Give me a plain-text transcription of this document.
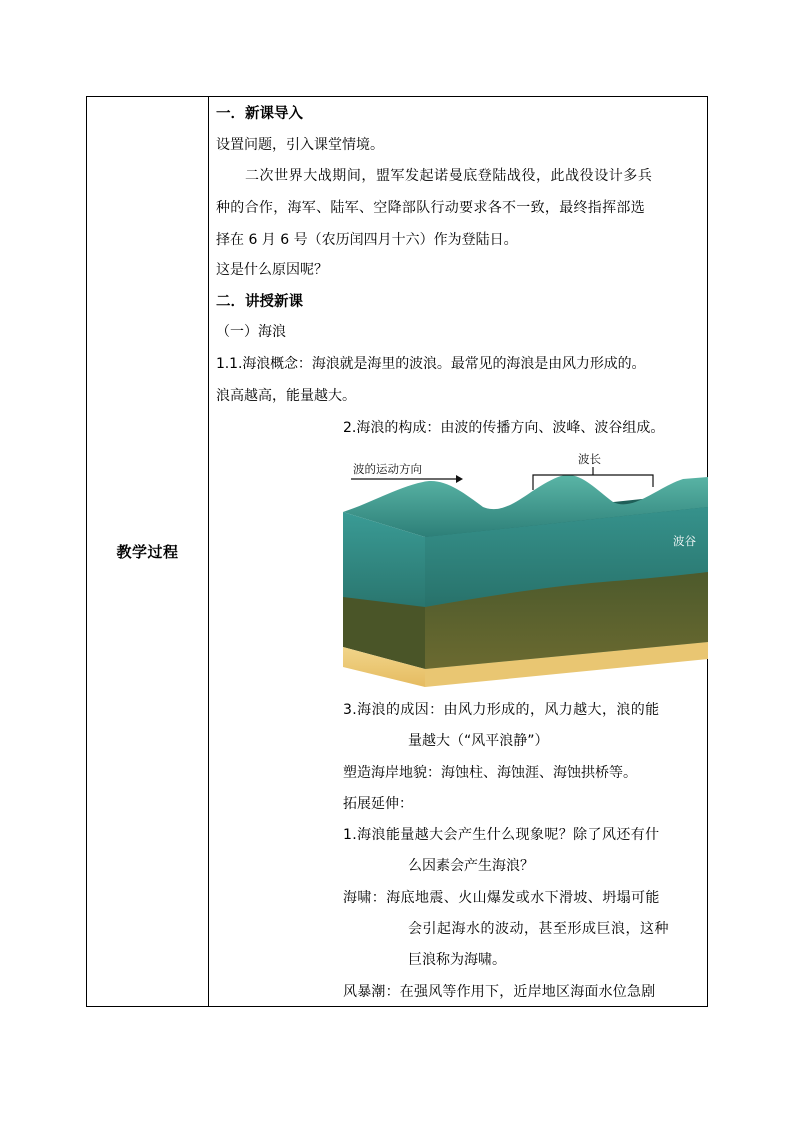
教学过程
一．新课导入
设置问题，引入课堂情境。
二次世界大战期间，盟军发起诺曼底登陆战役，此战役设计多兵
种的合作，海军、陆军、空降部队行动要求各不一致，最终指挥部选
择在 6 月 6 号（农历闰四月十六）作为登陆日。
这是什么原因呢？
二．讲授新课
（一）海浪
1.1.海浪概念：海浪就是海里的波浪。最常见的海浪是由风力形成的。
浪高越高，能量越大。
2.海浪的构成：由波的传播方向、波峰、波谷组成。
波长
波的运动方向
波谷
3.海浪的成因：由风力形成的，风力越大，浪的能
量越大（“风平浪静”）
塑造海岸地貌：海蚀柱、海蚀涯、海蚀拱桥等。
拓展延伸：
1.海浪能量越大会产生什么现象呢？除了风还有什
么因素会产生海浪？
海啸：海底地震、火山爆发或水下滑坡、坍塌可能
会引起海水的波动，甚至形成巨浪，这种
巨浪称为海啸。
风暴潮：在强风等作用下，近岸地区海面水位急剧
